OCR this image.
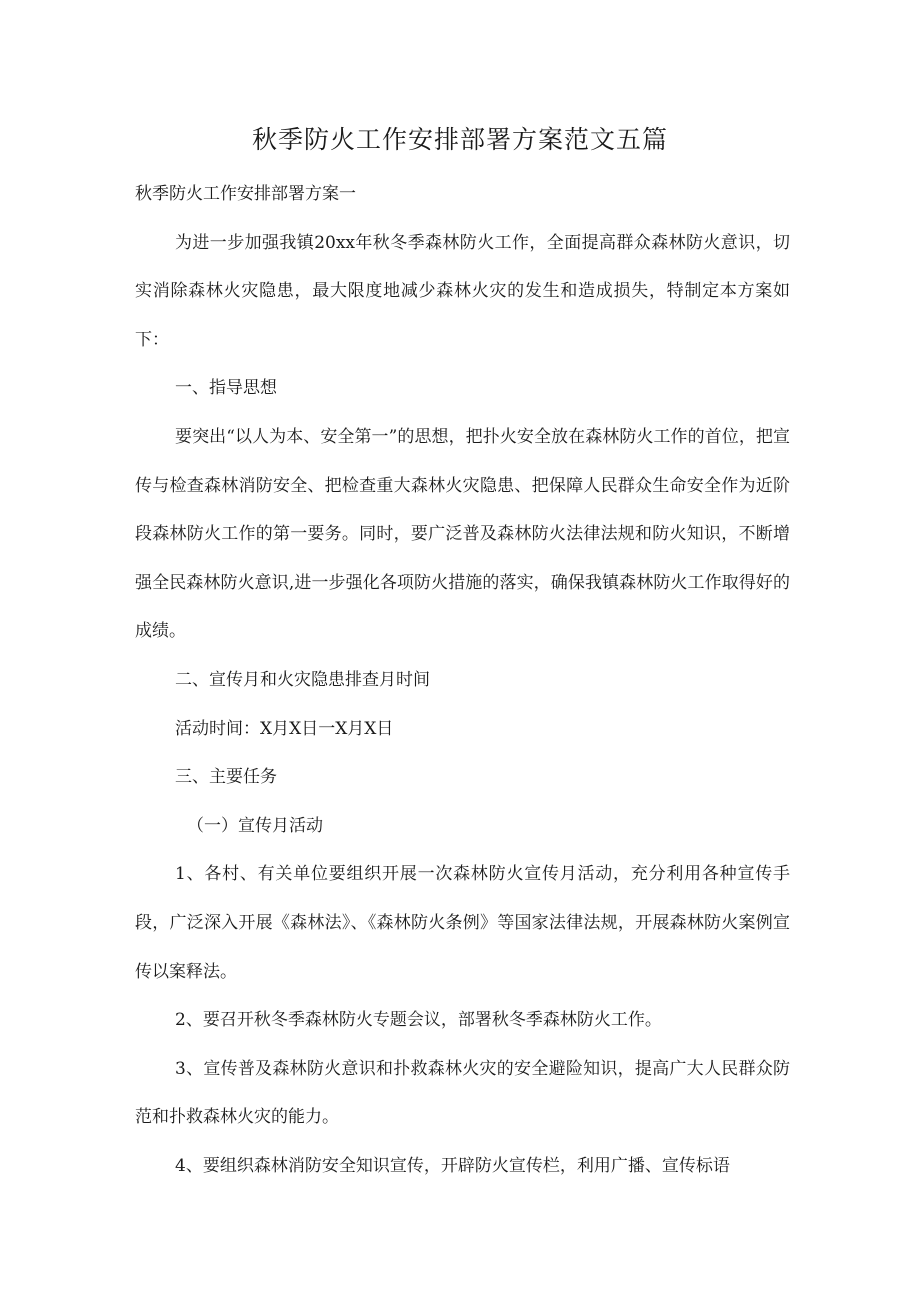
秋季防火工作安排部署方案范文五篇

秋季防火工作安排部署方案一

为进一步加强我镇20xx年秋冬季森林防火工作，全面提高群众森林防火意识，切实消除森林火灾隐患，最大限度地减少森林火灾的发生和造成损失，特制定本方案如下：

一、指导思想

要突出“以人为本、安全第一”的思想，把扑火安全放在森林防火工作的首位，把宣传与检查森林消防安全、把检查重大森林火灾隐患、把保障人民群众生命安全作为近阶段森林防火工作的第一要务。同时，要广泛普及森林防火法律法规和防火知识，不断增强全民森林防火意识,进一步强化各项防火措施的落实，确保我镇森林防火工作取得好的成绩。

二、宣传月和火灾隐患排查月时间

活动时间：X月X日一X月X日

三、主要任务

（一）宣传月活动

1、各村、有关单位要组织开展一次森林防火宣传月活动，充分利用各种宣传手段，广泛深入开展《森林法》、《森林防火条例》等国家法律法规，开展森林防火案例宣传以案释法。

2、要召开秋冬季森林防火专题会议，部署秋冬季森林防火工作。

3、宣传普及森林防火意识和扑救森林火灾的安全避险知识，提高广大人民群众防范和扑救森林火灾的能力。

4、要组织森林消防安全知识宣传，开辟防火宣传栏，利用广播、宣传标语
